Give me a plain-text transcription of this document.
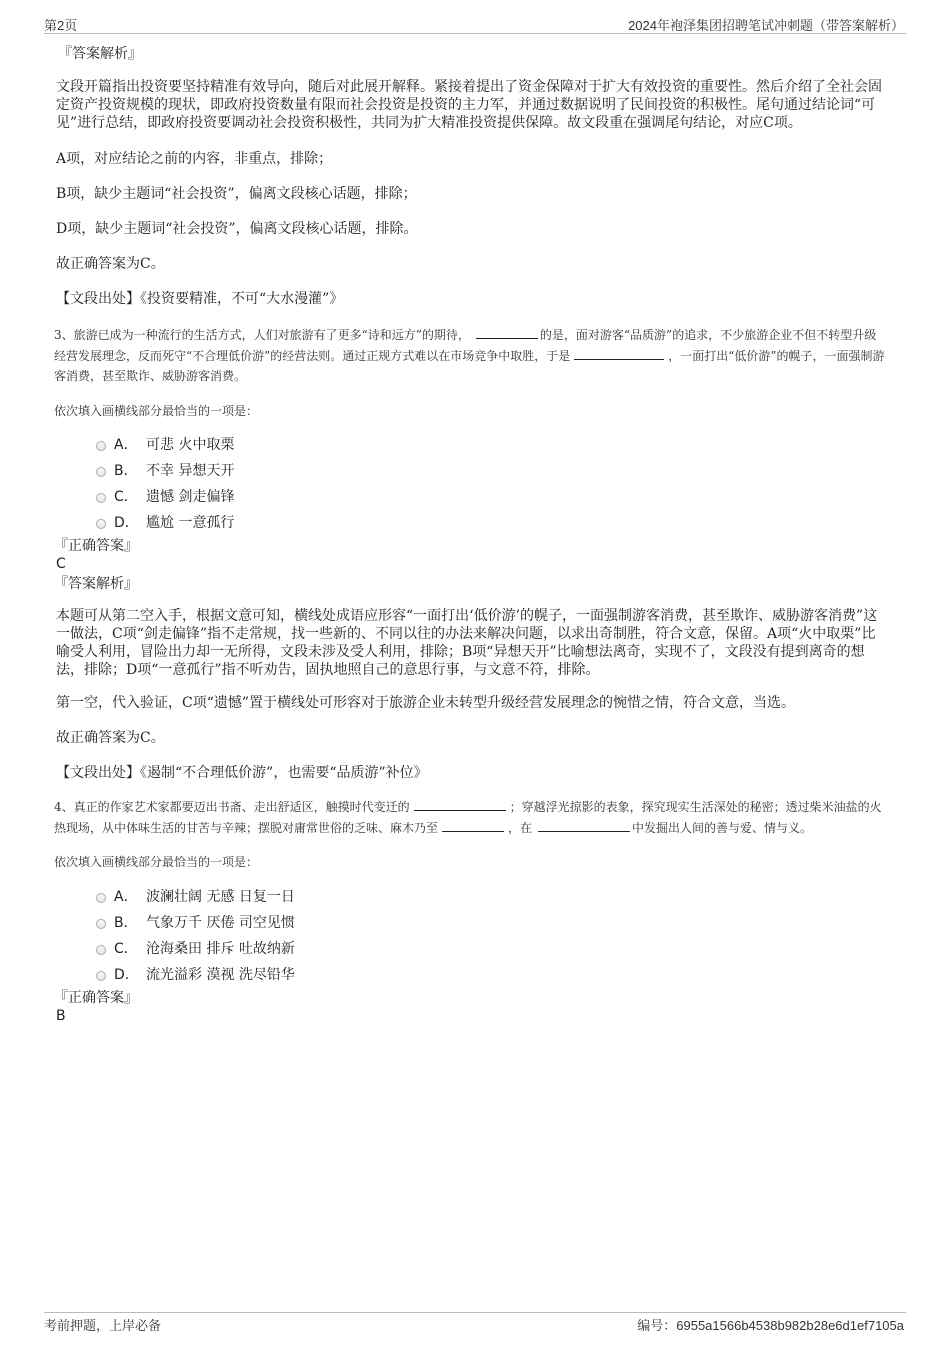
第2页	2024年袍泽集团招聘笔试冲刺题（带答案解析）
『答案解析』

文段开篇指出投资要坚持精准有效导向，随后对此展开解释。紧接着提出了资金保障对于扩大有效投资的重要性。然后介绍了全社会固定资产投资规模的现状，即政府投资数量有限而社会投资是投资的主力军，并通过数据说明了民间投资的积极性。尾句通过结论词“可见”进行总结，即政府投资要调动社会投资积极性，共同为扩大精准投资提供保障。故文段重在强调尾句结论，对应C项。

A项，对应结论之前的内容，非重点，排除；

B项，缺少主题词“社会投资”，偏离文段核心话题，排除；

D项，缺少主题词“社会投资”，偏离文段核心话题，排除。

故正确答案为C。

【文段出处】《投资要精准，不可“大水漫灌”》

3、旅游已成为一种流行的生活方式，人们对旅游有了更多“诗和远方”的期待，	的是，面对游客“品质游”的追求，不少旅游企业不但不转型升级经营发展理念，反而死守“不合理低价游”的经营法则。通过正规方式难以在市场竞争中取胜，于是	，一面打出“低价游”的幌子，一面强制游客消费，甚至欺诈、威胁游客消费。
依次填入画横线部分最恰当的一项是：
A． 可悲 火中取栗
B． 不幸 异想天开
C． 遗憾 剑走偏锋
D． 尴尬 一意孤行
『正确答案』
C
『答案解析』

本题可从第二空入手，根据文意可知，横线处成语应形容“一面打出‘低价游’的幌子，一面强制游客消费，甚至欺诈、威胁游客消费”这一做法，C项“剑走偏锋”指不走常规，找一些新的、不同以往的办法来解决问题，以求出奇制胜，符合文意，保留。A项“火中取栗”比喻受人利用，冒险出力却一无所得，文段未涉及受人利用，排除；B项“异想天开”比喻想法离奇，实现不了，文段没有提到离奇的想法，排除；D项“一意孤行”指不听劝告，固执地照自己的意思行事，与文意不符，排除。

第一空，代入验证，C项“遗憾”置于横线处可形容对于旅游企业未转型升级经营发展理念的惋惜之情，符合文意，当选。

故正确答案为C。

【文段出处】《遏制“不合理低价游”，也需要“品质游”补位》

4、真正的作家艺术家都要迈出书斋、走出舒适区，触摸时代变迁的	；穿越浮光掠影的表象，探究现实生活深处的秘密；透过柴米油盐的火热现场，从中体味生活的甘苦与辛辣；摆脱对庸常世俗的乏味、麻木乃至	，在	中发掘出人间的善与爱、情与义。
依次填入画横线部分最恰当的一项是：
A． 波澜壮阔 无感 日复一日
B． 气象万千 厌倦 司空见惯
C． 沧海桑田 排斥 吐故纳新
D． 流光溢彩 漠视 洗尽铅华
『正确答案』
B
考前押题，上岸必备	编号：6955a1566b4538b982b28e6d1ef7105a
